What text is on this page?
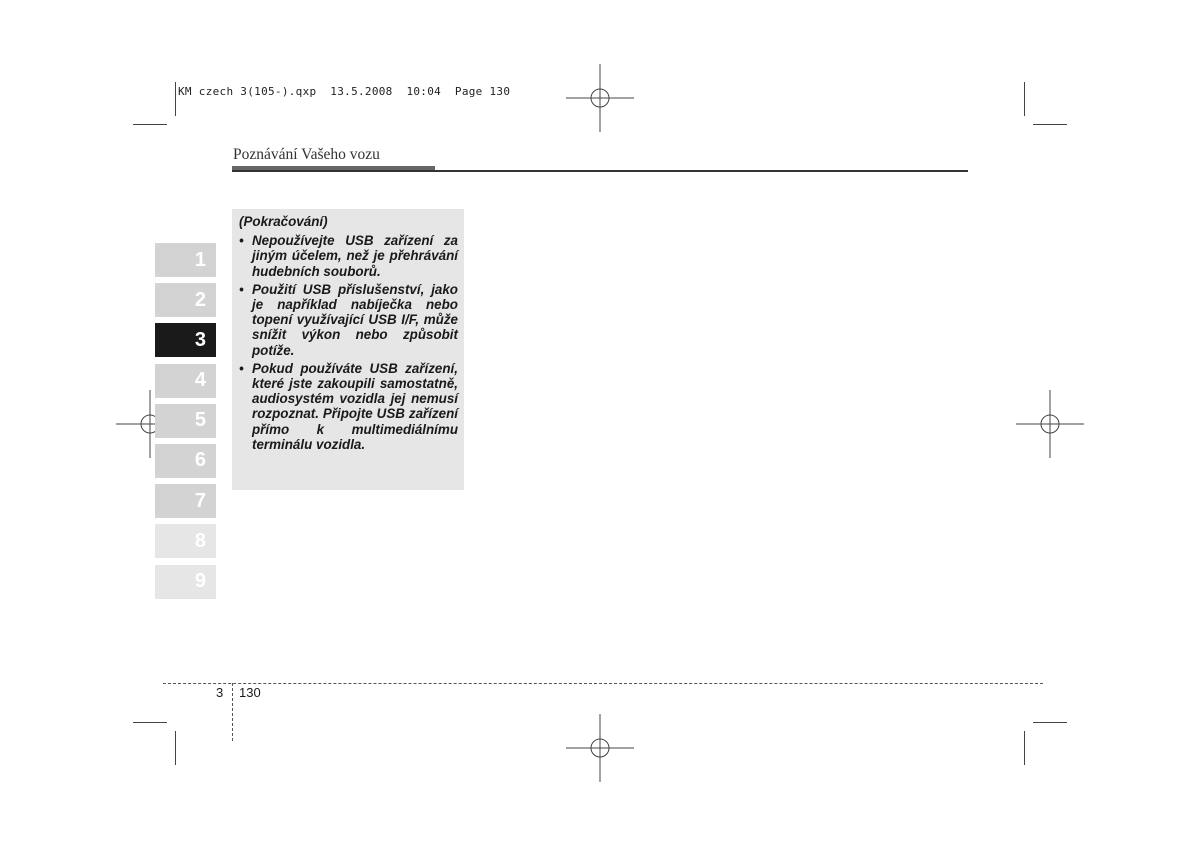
KM czech 3(105-).qxp  13.5.2008  10:04  Page 130
Poznávání Vašeho vozu
1
2
3
4
5
6
7
8
9
(Pokračování)
• Nepoužívejte USB zařízení za jiným účelem, než je přehrávání hudebních souborů.
• Použití USB příslušenství, jako je například nabíječka nebo topení využívající USB I/F, může snížit výkon nebo způsobit potíže.
• Pokud používáte USB zařízení, které jste zakoupili samostatně, audiosystém vozidla jej nemusí rozpoznat. Připojte USB zařízení přímo k multimediálnímu terminálu vozidla.
3 130
